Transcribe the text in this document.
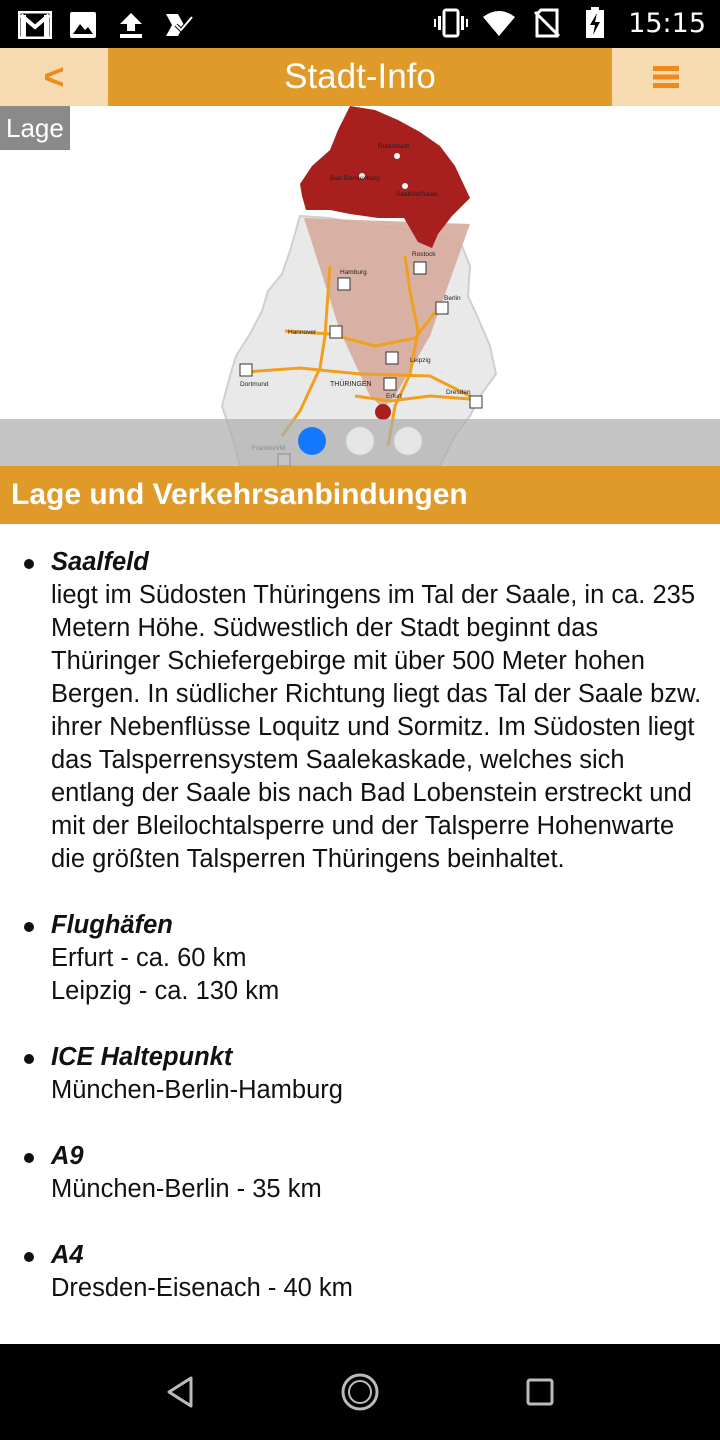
15:15
<	Stadt-Info
Lage
Rudolstadt
Bad Blankenburg
Saalfeld/Saale
Rostock
Hamburg
Berlin
Hannover
Leipzig
Dortmund	THÜRINGEN
Dresden
Erfurt
Lage und Verkehrsanbindungen
Saalfeld
liegt im Südosten Thüringens im Tal der Saale, in ca. 235 Metern Höhe. Südwestlich der Stadt beginnt das Thüringer Schiefergebirge mit über 500 Meter hohen Bergen. In südlicher Richtung liegt das Tal der Saale bzw. ihrer Nebenflüsse Loquitz und Sormitz. Im Südosten liegt das Talsperrensystem Saalekaskade, welches sich entlang der Saale bis nach Bad Lobenstein erstreckt und mit der Bleilochtalsperre und der Talsperre Hohenwarte die größten Talsperren Thüringens beinhaltet.
Flughäfen
Erfurt - ca. 60 km
Leipzig - ca. 130 km
ICE Haltepunkt
München-Berlin-Hamburg
A9
München-Berlin - 35 km
A4
Dresden-Eisenach - 40 km
